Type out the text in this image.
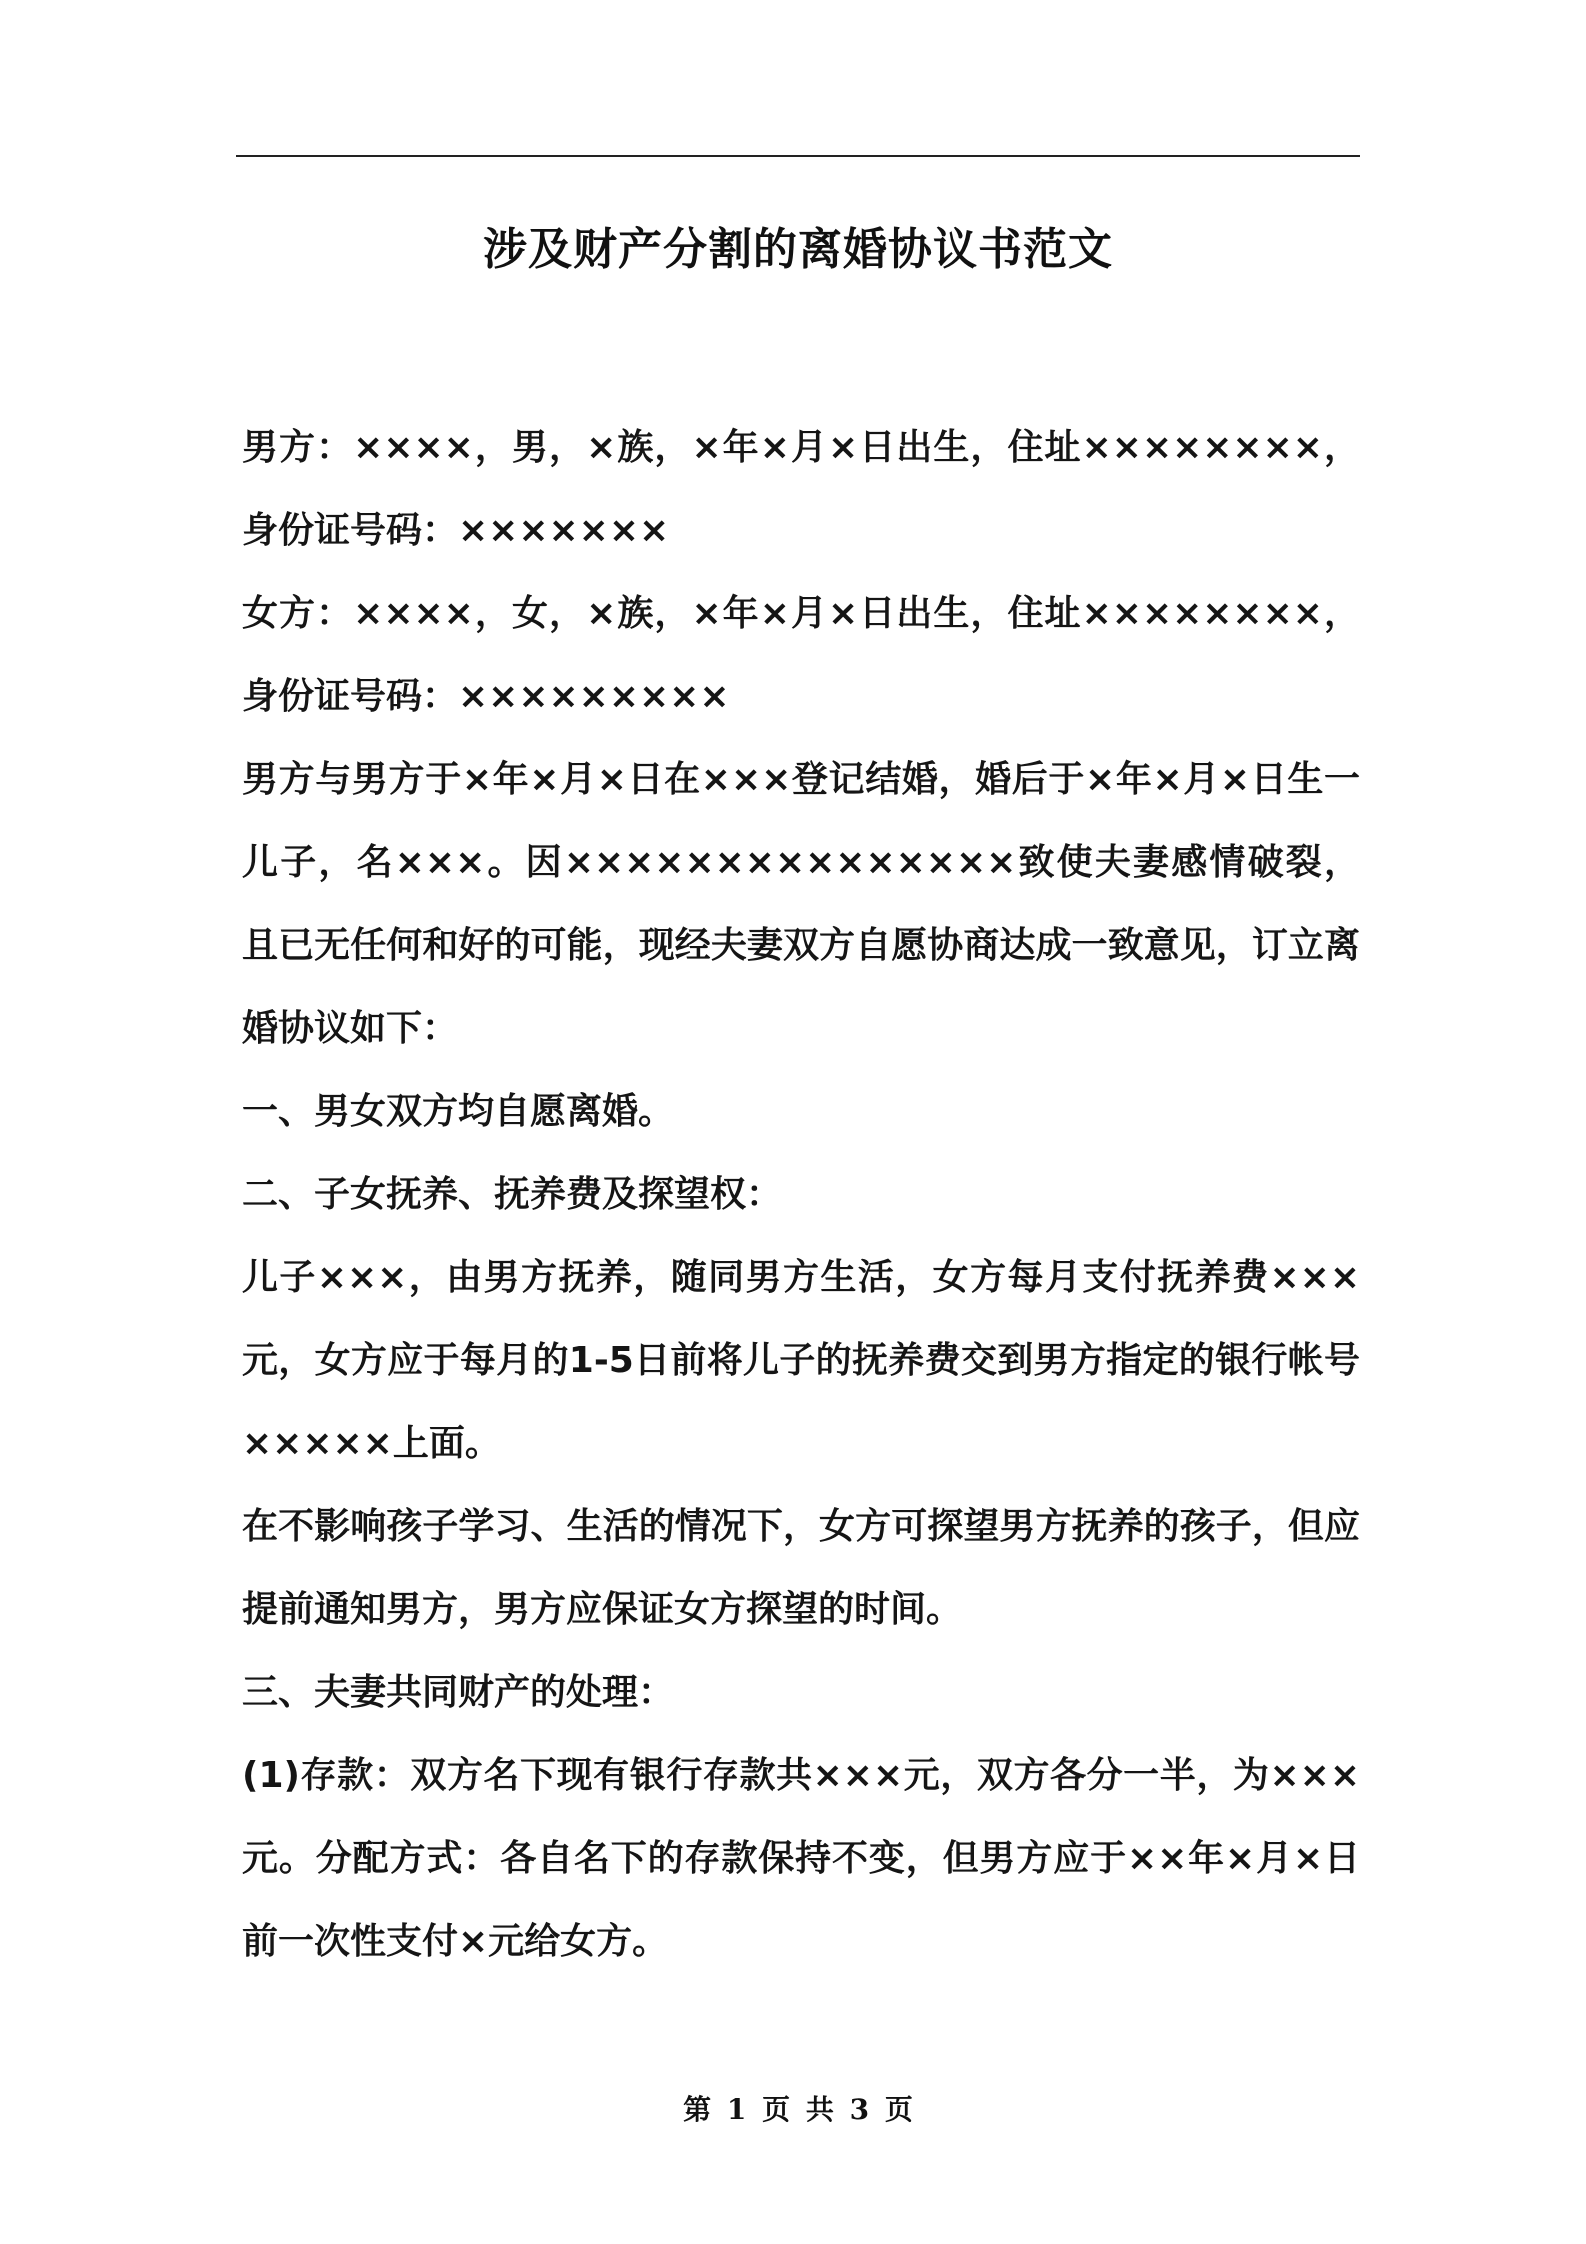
涉及财产分割的离婚协议书范文

男方：××××，男，×族，×年×月×日出生，住址××××××××，身份证号码：×××××××

女方：××××，女，×族，×年×月×日出生，住址××××××××，身份证号码：×××××××××

男方与男方于×年×月×日在×××登记结婚，婚后于×年×月×日生一儿子，名×××。因×××××××××××××××致使夫妻感情破裂，且已无任何和好的可能，现经夫妻双方自愿协商达成一致意见，订立离婚协议如下：

一、男女双方均自愿离婚。

二、子女抚养、抚养费及探望权：

儿子×××，由男方抚养，随同男方生活，女方每月支付抚养费×××元，女方应于每月的1-5日前将儿子的抚养费交到男方指定的银行帐号×××××上面。

在不影响孩子学习、生活的情况下，女方可探望男方抚养的孩子，但应提前通知男方，男方应保证女方探望的时间。

三、夫妻共同财产的处理：

(1)存款：双方名下现有银行存款共×××元，双方各分一半，为×××元。分配方式：各自名下的存款保持不变，但男方应于××年×月×日前一次性支付×元给女方。

第 1 页 共 3 页
